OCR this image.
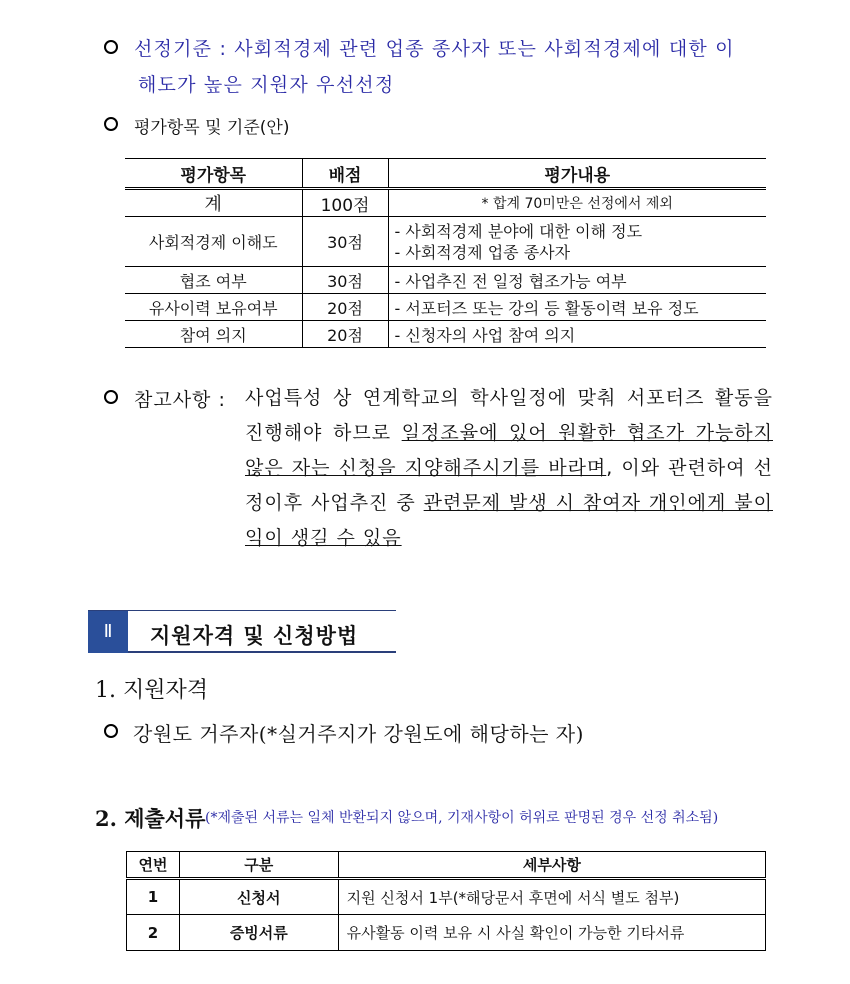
선정기준 : 사회적경제 관련 업종 종사자 또는 사회적경제에 대한 이
해도가 높은 지원자 우선선정
평가항목 및 기준(안)
평가항목	배점	평가내용
계	100점	* 합계 70미만은 선정에서 제외
사회적경제 이해도	30점	- 사회적경제 분야에 대한 이해 정도
- 사회적경제 업종 종사자

협조 여부	30점	- 사업추진 전 일정 협조가능 여부
유사이력 보유여부	20점	- 서포터즈 또는 강의 등 활동이력 보유 정도
참여 의지	20점	- 신청자의 사업 참여 의지
참고사항 : 사업특성 상 연계학교의 학사일정에 맞춰 서포터즈 활동을 진행해야 하므로 일정조율에 있어 원활한 협조가 가능하지 않은 자는 신청을 지양해주시기를 바라며, 이와 관련하여 선정이후 사업추진 중 관련문제 발생 시 참여자 개인에게 불이익이 생길 수 있음
Ⅱ	지원자격 및 신청방법
1. 지원자격
강원도 거주자(*실거주지가 강원도에 해당하는 자)
2. 제출서류 (*제출된 서류는 일체 반환되지 않으며, 기재사항이 허위로 판명된 경우 선정 취소됨)
연번	구분	세부사항
1	신청서	지원 신청서 1부(*해당문서 후면에 서식 별도 첨부)
2	증빙서류	유사활동 이력 보유 시 사실 확인이 가능한 기타서류
